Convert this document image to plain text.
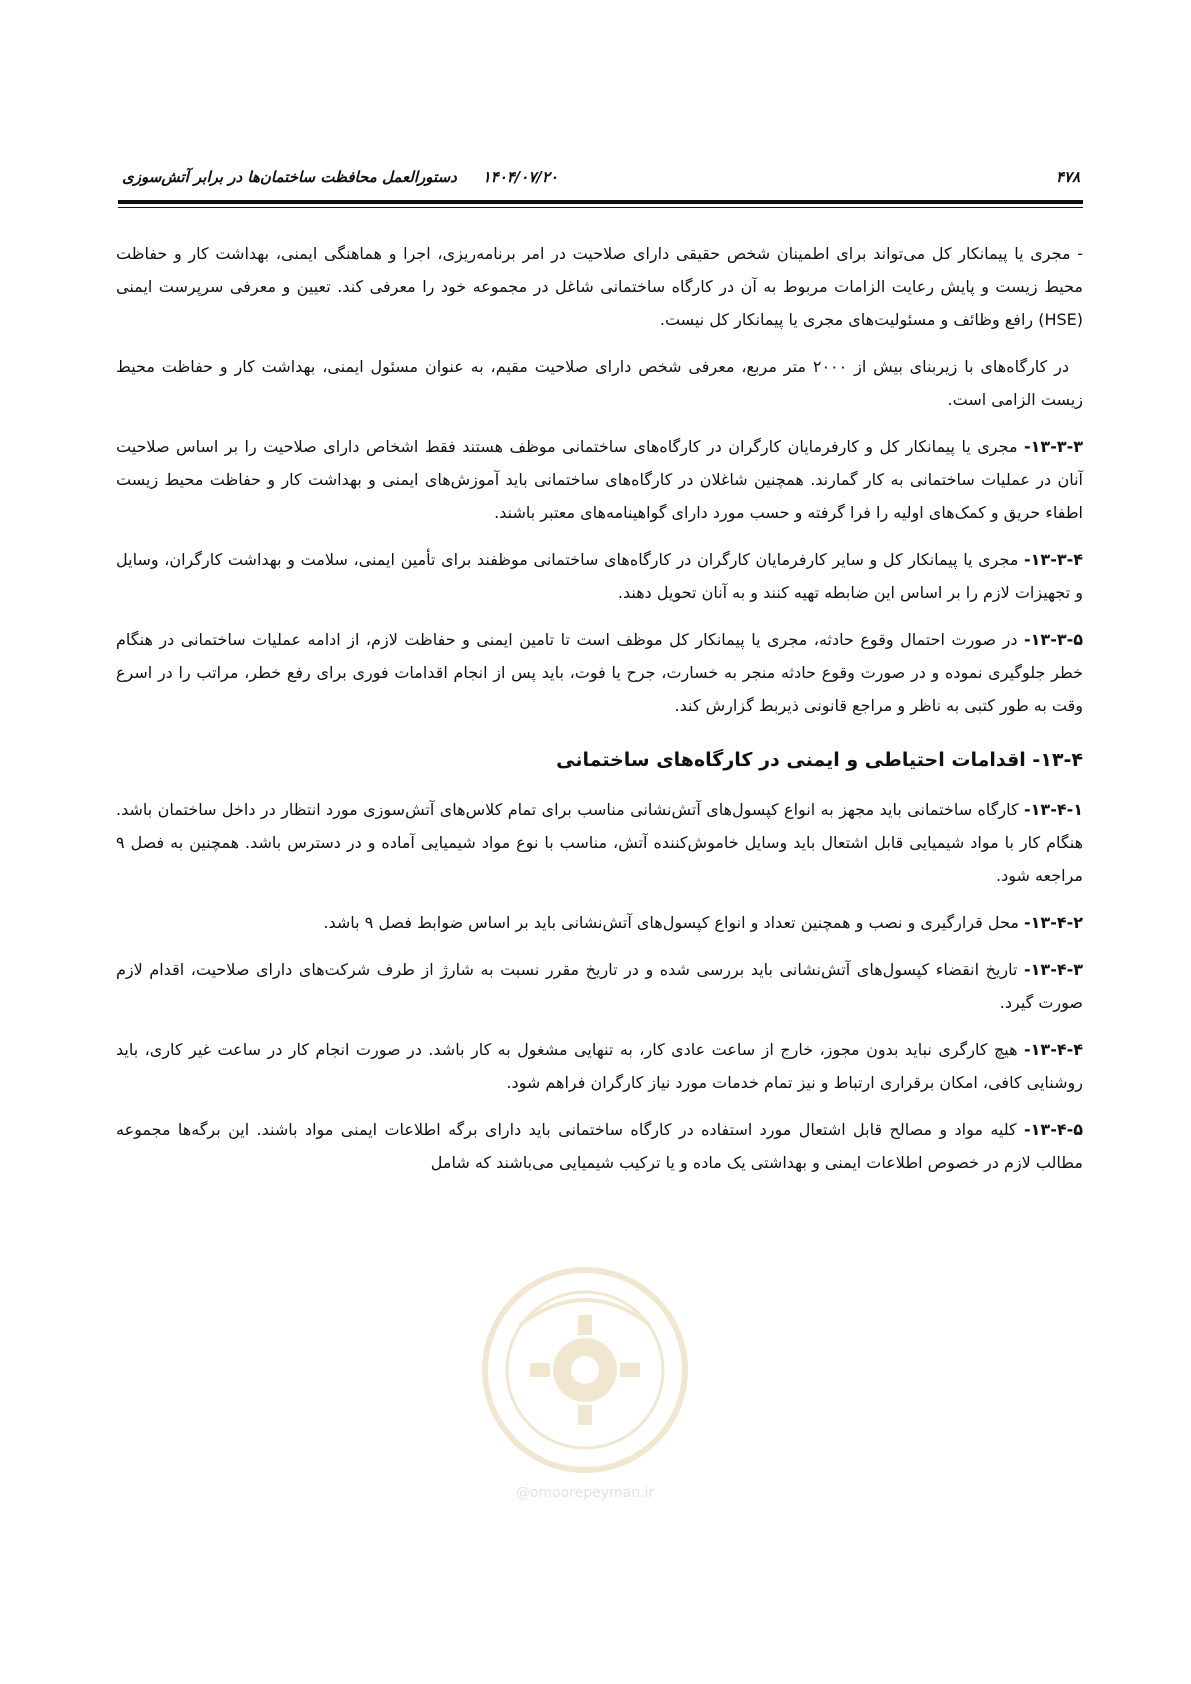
۴۷۸
۱۴۰۴/۰۷/۲۰
دستورالعمل محافظت ساختمان‌ها در برابر آتش‌سوزی

- مجری یا پیمانکار کل می‌تواند برای اطمینان شخص حقیقی دارای صلاحیت در امر برنامه‌ریزی، اجرا و هماهنگی ایمنی، بهداشت کار و حفاظت محیط زیست و پایش رعایت الزامات مربوط به آن در کارگاه ساختمانی شاغل در مجموعه خود را معرفی کند. تعیین و معرفی سرپرست ایمنی (HSE) رافع وظائف و مسئولیت‌های مجری یا پیمانکار کل نیست.

در کارگاه‌های با زیربنای بیش از ۲۰۰۰ متر مربع، معرفی شخص دارای صلاحیت مقیم، به عنوان مسئول ایمنی، بهداشت کار و حفاظت محیط زیست الزامی است.

۱۳-۳-۳- مجری یا پیمانکار کل و کارفرمایان کارگران در کارگاه‌های ساختمانی موظف هستند فقط اشخاص دارای صلاحیت را بر اساس صلاحیت آنان در عملیات ساختمانی به کار گمارند. همچنین شاغلان در کارگاه‌های ساختمانی باید آموزش‌های ایمنی و بهداشت کار و حفاظت محیط زیست اطفاء حریق و کمک‌های اولیه را فرا گرفته و حسب مورد دارای گواهینامه‌های معتبر باشند.

۱۳-۳-۴- مجری یا پیمانکار کل و سایر کارفرمایان کارگران در کارگاه‌های ساختمانی موظفند برای تأمین ایمنی، سلامت و بهداشت کارگران، وسایل و تجهیزات لازم را بر اساس این ضابطه تهیه کنند و به آنان تحویل دهند.

۱۳-۳-۵- در صورت احتمال وقوع حادثه، مجری یا پیمانکار کل موظف است تا تامین ایمنی و حفاظت لازم، از ادامه عملیات ساختمانی در هنگام خطر جلوگیری نموده و در صورت وقوع حادثه منجر به خسارت، جرح یا فوت، باید پس از انجام اقدامات فوری برای رفع خطر، مراتب را در اسرع وقت به طور کتبی به ناظر و مراجع قانونی ذیربط گزارش کند.

۱۳-۴- اقدامات احتیاطی و ایمنی در کارگاه‌های ساختمانی

۱۳-۴-۱- کارگاه ساختمانی باید مجهز به انواع کپسول‌های آتش‌نشانی مناسب برای تمام کلاس‌های آتش‌سوزی مورد انتظار در داخل ساختمان باشد. هنگام کار با مواد شیمیایی قابل اشتعال باید وسایل خاموش‌کننده آتش، مناسب با نوع مواد شیمیایی آماده و در دسترس باشد. همچنین به فصل ۹ مراجعه شود.

۱۳-۴-۲- محل قرارگیری و نصب و همچنین تعداد و انواع کپسول‌های آتش‌نشانی باید بر اساس ضوابط فصل ۹ باشد.

۱۳-۴-۳- تاریخ انقضاء کپسول‌های آتش‌نشانی باید بررسی شده و در تاریخ مقرر نسبت به شارژ از طرف شرکت‌های دارای صلاحیت، اقدام لازم صورت گیرد.

۱۳-۴-۴- هیچ کارگری نباید بدون مجوز، خارج از ساعت عادی کار، به تنهایی مشغول به کار باشد. در صورت انجام کار در ساعت غیر کاری، باید روشنایی کافی، امکان برقراری ارتباط و نیز تمام خدمات مورد نیاز کارگران فراهم شود.

۱۳-۴-۵- کلیه مواد و مصالح قابل اشتعال مورد استفاده در کارگاه ساختمانی باید دارای برگه اطلاعات ایمنی مواد باشند. این برگه‌ها مجموعه مطالب لازم در خصوص اطلاعات ایمنی و بهداشتی یک ماده و یا ترکیب شیمیایی می‌باشند که شامل

@omoorepeyman.ir
